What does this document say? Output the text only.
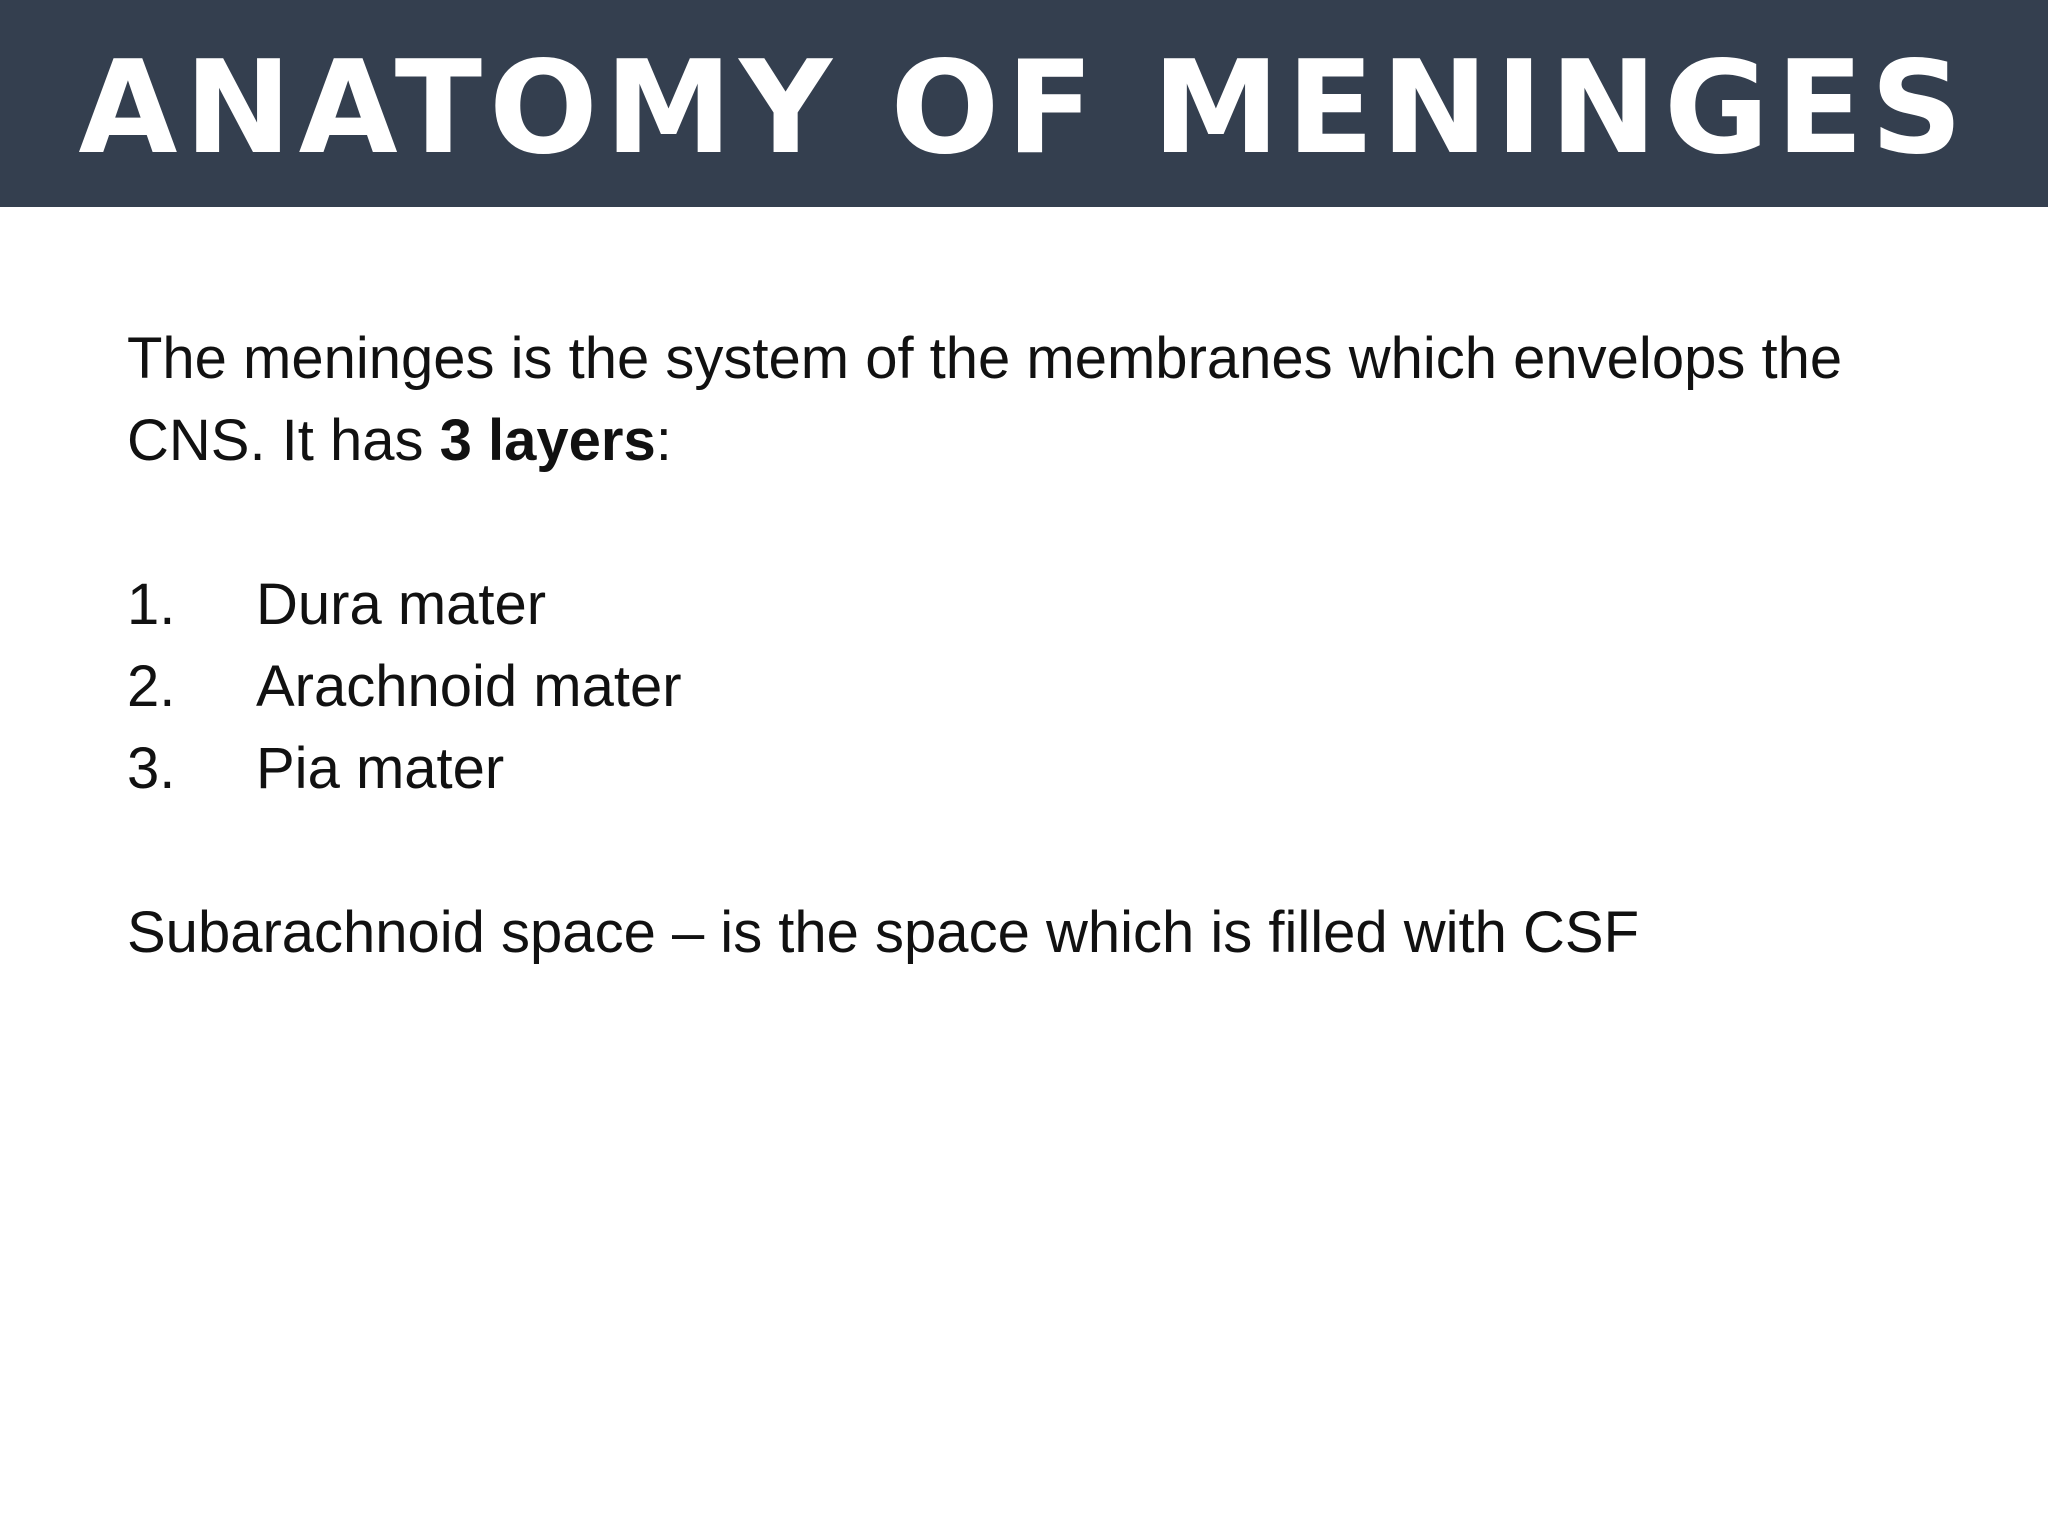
ANATOMY OF MENINGES

The meninges is the system of the membranes which envelops the CNS. It has 3 layers:

1.	Dura mater
2.	Arachnoid mater
3.	Pia mater

Subarachnoid space – is the space which is filled with CSF
